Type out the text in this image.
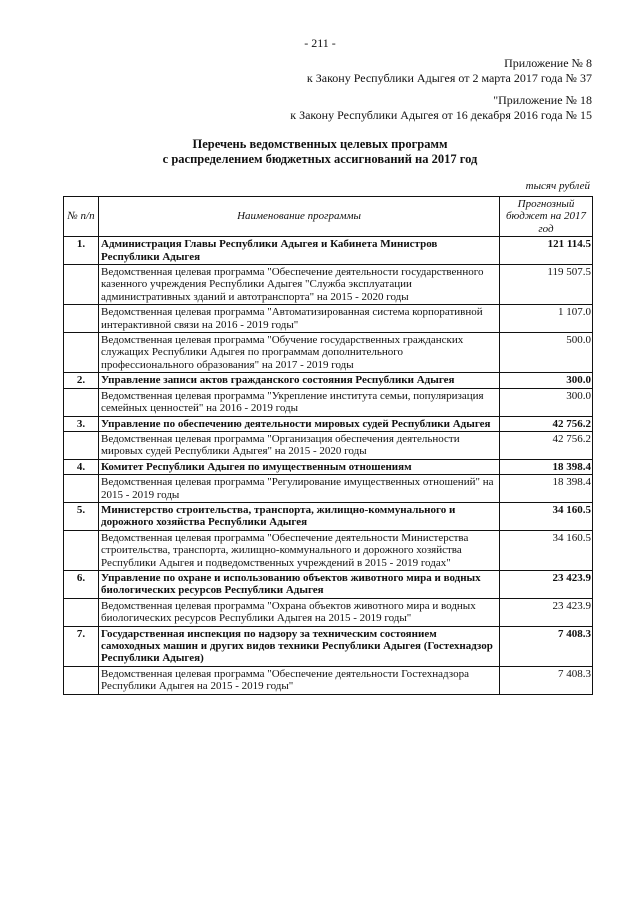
- 211 -
Приложение № 8
к Закону Республики Адыгея от 2 марта 2017 года № 37
"Приложение № 18
к Закону Республики Адыгея от 16 декабря 2016 года № 15
Перечень ведомственных целевых программ
с распределением бюджетных ассигнований на 2017 год
тысяч рублей
№ п/п	Наименование программы	Прогнозный бюджет на 2017 год
1.	Администрация Главы Республики Адыгея и Кабинета Министров Республики Адыгея	121 114.5
	Ведомственная целевая программа "Обеспечение деятельности государственного казенного учреждения Республики Адыгея "Служба эксплуатации административных зданий и автотранспорта" на 2015 - 2020 годы	119 507.5
	Ведомственная целевая программа "Автоматизированная система корпоративной интерактивной связи на 2016 - 2019 годы"	1 107.0
	Ведомственная целевая программа "Обучение государственных гражданских служащих Республики Адыгея по программам дополнительного профессионального образования" на 2017 - 2019 годы	500.0
2.	Управление записи актов гражданского состояния Республики Адыгея	300.0
	Ведомственная целевая программа "Укрепление института семьи, популяризация семейных ценностей" на 2016 - 2019 годы	300.0
3.	Управление по обеспечению деятельности мировых судей Республики Адыгея	42 756.2
	Ведомственная целевая программа "Организация обеспечения деятельности мировых судей Республики Адыгея" на 2015 - 2020 годы	42 756.2
4.	Комитет Республики Адыгея по имущественным отношениям	18 398.4
	Ведомственная целевая программа "Регулирование имущественных отношений" на 2015 - 2019 годы	18 398.4
5.	Министерство строительства, транспорта, жилищно-коммунального и дорожного хозяйства Республики Адыгея	34 160.5
	Ведомственная целевая программа "Обеспечение деятельности Министерства строительства, транспорта, жилищно-коммунального и дорожного хозяйства Республики Адыгея и подведомственных учреждений в 2015 - 2019 годах"	34 160.5
6.	Управление по охране и использованию объектов животного мира и водных биологических ресурсов Республики Адыгея	23 423.9
	Ведомственная целевая программа "Охрана объектов животного мира и водных биологических ресурсов Республики Адыгея на 2015 - 2019 годы"	23 423.9
7.	Государственная инспекция по надзору за техническим состоянием самоходных машин и других видов техники Республики Адыгея (Гостехнадзор Республики Адыгея)	7 408.3
	Ведомственная целевая программа "Обеспечение деятельности Гостехнадзора Республики Адыгея на 2015 - 2019 годы"	7 408.3
